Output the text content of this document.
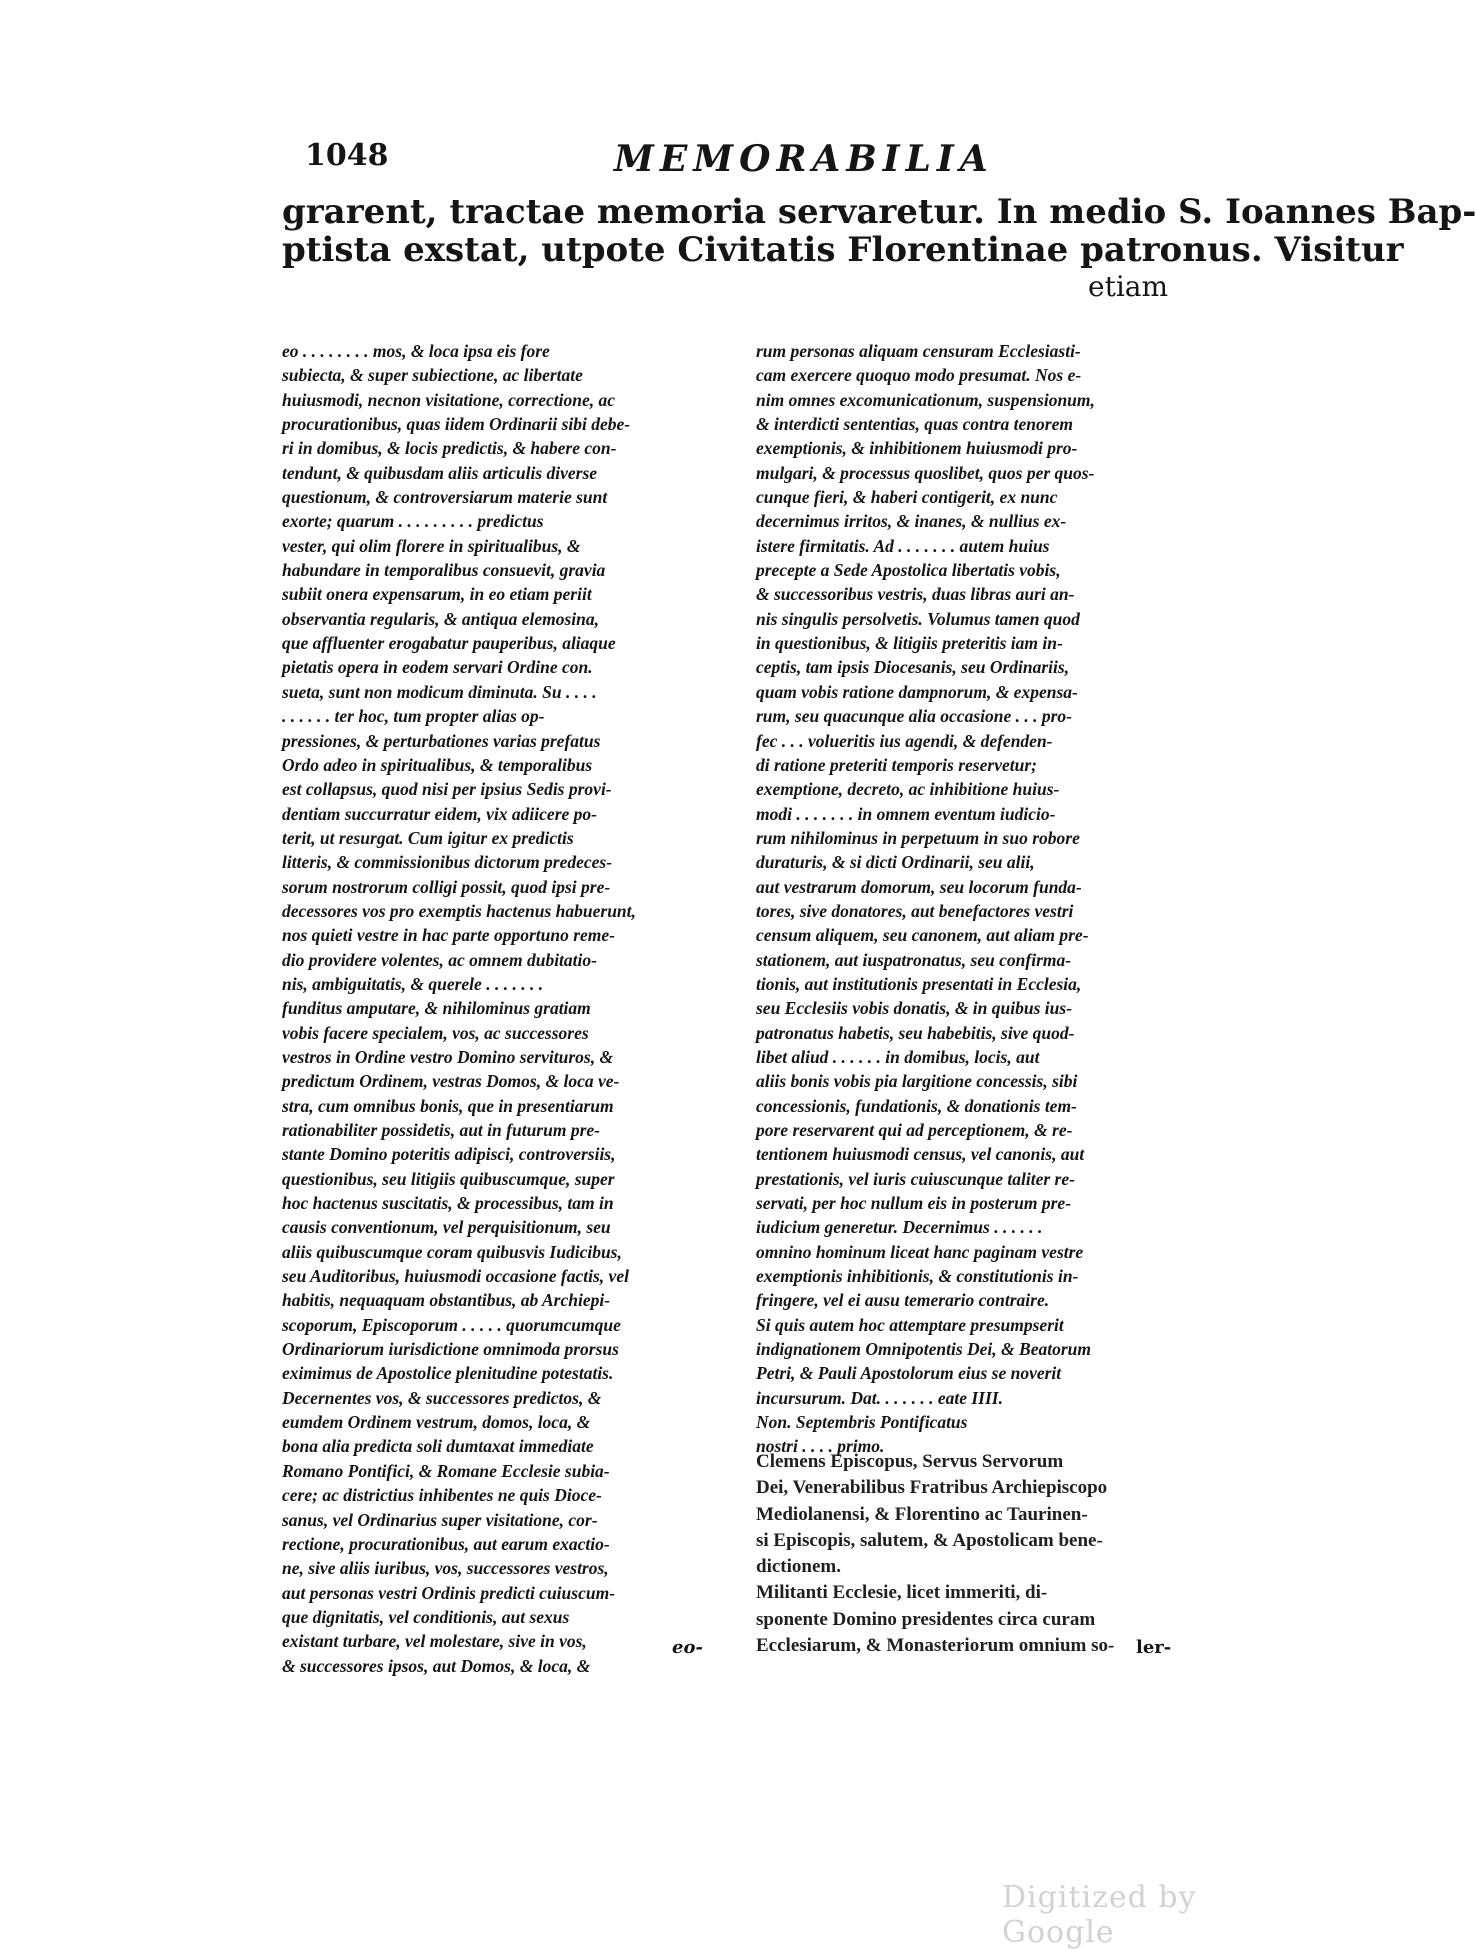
1048	MEMORABILIA
grarent, tractae memoria servaretur. In medio S. Ioannes Bap-
ptista exstat, utpote Civitatis Florentinae patronus. Visitur
etiam
eo . . . . . . . . mos, & loca ipsa eis fore
subiecta, & super subiectione, ac libertate
huiusmodi, necnon visitatione, correctione, ac
procurationibus, quas iidem Ordinarii sibi debe-
ri in domibus, & locis predictis, & habere con-
tendunt, & quibusdam aliis articulis diverse
questionum, & controversiarum materie sunt
exorte; quarum . . . . . . . . . predictus
vester, qui olim florere in spiritualibus, &
habundare in temporalibus consuevit, gravia
subiit onera expensarum, in eo etiam periit
observantia regularis, & antiqua elemosina,
que affluenter erogabatur pauperibus, aliaque
pietatis opera in eodem servari Ordine con.
sueta, sunt non modicum diminuta. Su . . . .
. . . . . . ter hoc, tum propter alias op-
pressiones, & perturbationes varias prefatus
Ordo adeo in spiritualibus, & temporalibus
est collapsus, quod nisi per ipsius Sedis provi-
dentiam succurratur eidem, vix adiicere po-
terit, ut resurgat. Cum igitur ex predictis
litteris, & commissionibus dictorum predeces-
sorum nostrorum colligi possit, quod ipsi pre-
decessores vos pro exemptis hactenus habuerunt,
nos quieti vestre in hac parte opportuno reme-
dio providere volentes, ac omnem dubitatio-
nis, ambiguitatis, & querele . . . . . . .
funditus amputare, & nihilominus gratiam
vobis facere specialem, vos, ac successores
vestros in Ordine vestro Domino servituros, &
predictum Ordinem, vestras Domos, & loca ve-
stra, cum omnibus bonis, que in presentiarum
rationabiliter possidetis, aut in futurum pre-
stante Domino poteritis adipisci, controversiis,
questionibus, seu litigiis quibuscumque, super
hoc hactenus suscitatis, & processibus, tam in
causis conventionum, vel perquisitionum, seu
aliis quibuscumque coram quibusvis Iudicibus,
seu Auditoribus, huiusmodi occasione factis, vel
habitis, nequaquam obstantibus, ab Archiepi-
scoporum, Episcoporum . . . . . quorumcumque
Ordinariorum iurisdictione omnimoda prorsus
eximimus de Apostolice plenitudine potestatis.
Decernentes vos, & successores predictos, &
eumdem Ordinem vestrum, domos, loca, &
bona alia predicta soli dumtaxat immediate
Romano Pontifici, & Romane Ecclesie subia-
cere; ac districtius inhibentes ne quis Dioce-
sanus, vel Ordinarius super visitatione, cor-
rectione, procurationibus, aut earum exactio-
ne, sive aliis iuribus, vos, successores vestros,
aut personas vestri Ordinis predicti cuiuscum-
que dignitatis, vel conditionis, aut sexus
existant turbare, vel molestare, sive in vos,
& successores ipsos, aut Domos, & loca, &
eo-
rum personas aliquam censuram Ecclesiasti-
cam exercere quoquo modo presumat. Nos e-
nim omnes excomunicationum, suspensionum,
& interdicti sententias, quas contra tenorem
exemptionis, & inhibitionem huiusmodi pro-
mulgari, & processus quoslibet, quos per quos-
cunque fieri, & haberi contigerit, ex nunc
decernimus irritos, & inanes, & nullius ex-
istere firmitatis. Ad . . . . . . . autem huius
precepte a Sede Apostolica libertatis vobis,
& successoribus vestris, duas libras auri an-
nis singulis persolvetis. Volumus tamen quod
in questionibus, & litigiis preteritis iam in-
ceptis, tam ipsis Diocesanis, seu Ordinariis,
quam vobis ratione dampnorum, & expensa-
rum, seu quacunque alia occasione . . . pro-
fec . . . volueritis ius agendi, & defenden-
di ratione preteriti temporis reservetur;
exemptione, decreto, ac inhibitione huius-
modi . . . . . . . in omnem eventum iudicio-
rum nihilominus in perpetuum in suo robore
duraturis, & si dicti Ordinarii, seu alii,
aut vestrarum domorum, seu locorum funda-
tores, sive donatores, aut benefactores vestri
censum aliquem, seu canonem, aut aliam pre-
stationem, aut iuspatronatus, seu confirma-
tionis, aut institutionis presentati in Ecclesia,
seu Ecclesiis vobis donatis, & in quibus ius-
patronatus habetis, seu habebitis, sive quod-
libet aliud . . . . . . in domibus, locis, aut
aliis bonis vobis pia largitione concessis, sibi
concessionis, fundationis, & donationis tem-
pore reservarent qui ad perceptionem, & re-
tentionem huiusmodi census, vel canonis, aut
prestationis, vel iuris cuiuscunque taliter re-
servati, per hoc nullum eis in posterum pre-
iudicium generetur. Decernimus . . . . . .
omnino hominum liceat hanc paginam vestre
exemptionis inhibitionis, & constitutionis in-
fringere, vel ei ausu temerario contraire.
Si quis autem hoc attemptare presumpserit
indignationem Omnipotentis Dei, & Beatorum
Petri, & Pauli Apostolorum eius se noverit
incursurum. Dat. . . . . . . eate IIII.
Non. Septembris Pontificatus
nostri . . . . primo.
Clemens Episcopus, Servus Servorum
Dei, Venerabilibus Fratribus Archiepiscopo
Mediolanensi, & Florentino ac Taurinen-
si Episcopis, salutem, & Apostolicam bene-
dictionem.
Militanti Ecclesie, licet immeriti, di-
sponente Domino presidentes circa curam
Ecclesiarum, & Monasteriorum omnium so-	ler-
Digitized by Google
